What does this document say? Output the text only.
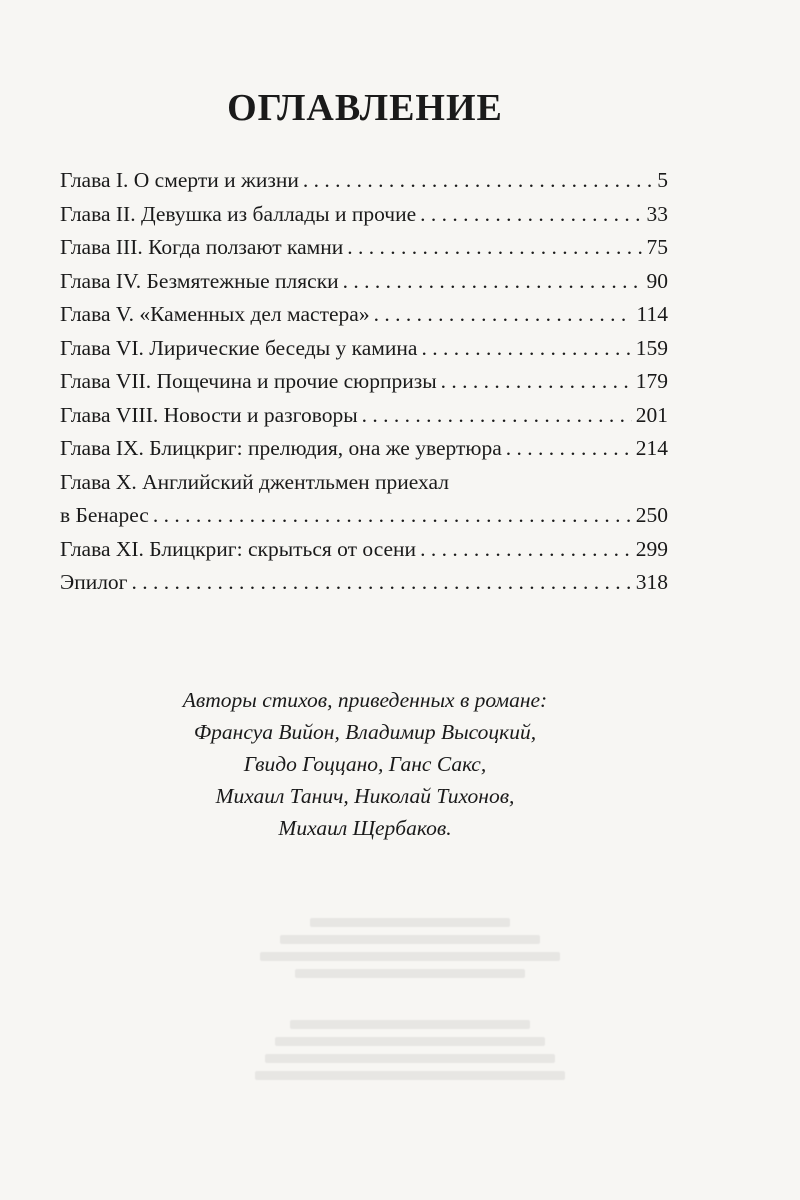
ОГЛАВЛЕНИЕ
Глава I. О смерти и жизни . . .	5
Глава II. Девушка из баллады и прочие . . .	33
Глава III. Когда ползают камни . . .	75
Глава IV. Безмятежные пляски . . .	90
Глава V. «Каменных дел мастера» . . .	114
Глава VI. Лирические беседы у камина . . .	159
Глава VII. Пощечина и прочие сюрпризы . . .	179
Глава VIII. Новости и разговоры . . .	201
Глава IX. Блицкриг: прелюдия, она же увертюра . . .	214
Глава X. Английский джентльмен приехал
в Бенарес . . .	250
Глава XI. Блицкриг: скрыться от осени . . .	299
Эпилог . . .	318
Авторы стихов, приведенных в романе:
Франсуа Вийон, Владимир Высоцкий,
Гвидо Гоццано, Ганс Сакс,
Михаил Танич, Николай Тихонов,
Михаил Щербаков.
